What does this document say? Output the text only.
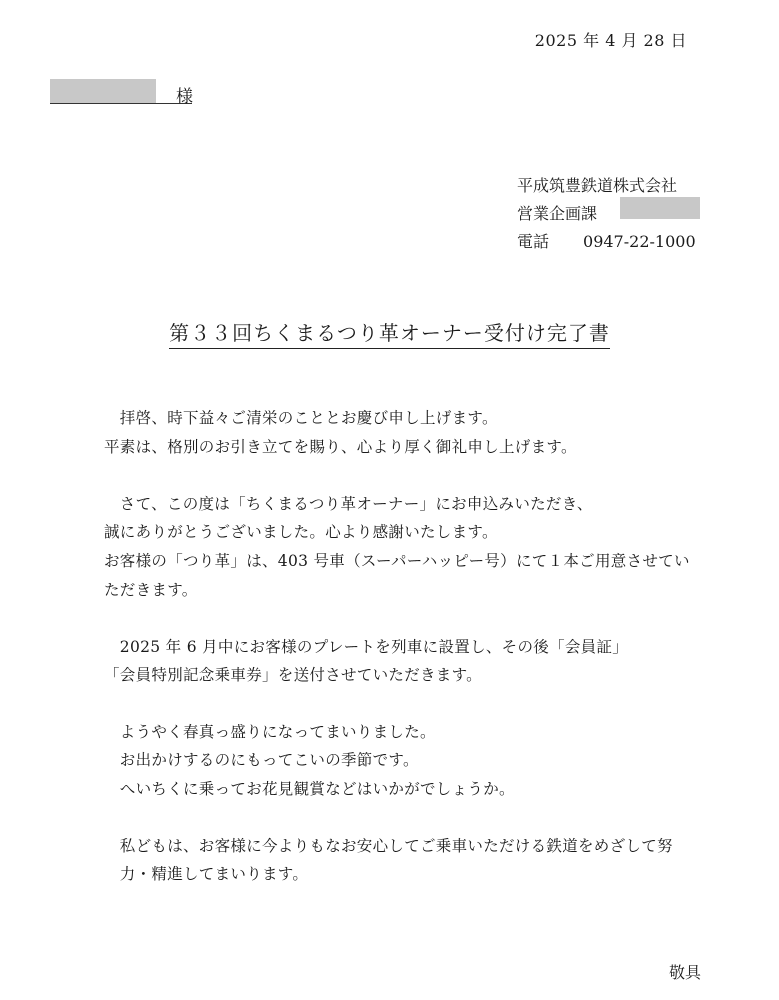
2025 年 4 月 28 日
様
平成筑豊鉄道株式会社
営業企画課
電話 0947-22-1000
第３３回ちくまるつり革オーナー受付け完了書
　拝啓、時下益々ご清栄のこととお慶び申し上げます。
平素は、格別のお引き立てを賜り、心より厚く御礼申し上げます。
　さて、この度は「ちくまるつり革オーナー」にお申込みいただき、
誠にありがとうございました。心より感謝いたします。
お客様の「つり革」は、403 号車（スーパーハッピー号）にて１本ご用意させてい
ただきます。
　2025 年 6 月中にお客様のプレートを列車に設置し、その後「会員証」
「会員特別記念乗車券」を送付させていただきます。
　ようやく春真っ盛りになってまいりました。
　お出かけするのにもってこいの季節です。
　へいちくに乗ってお花見観賞などはいかがでしょうか。
　私どもは、お客様に今よりもなお安心してご乗車いただける鉄道をめざして努
　力・精進してまいります。
敬具
